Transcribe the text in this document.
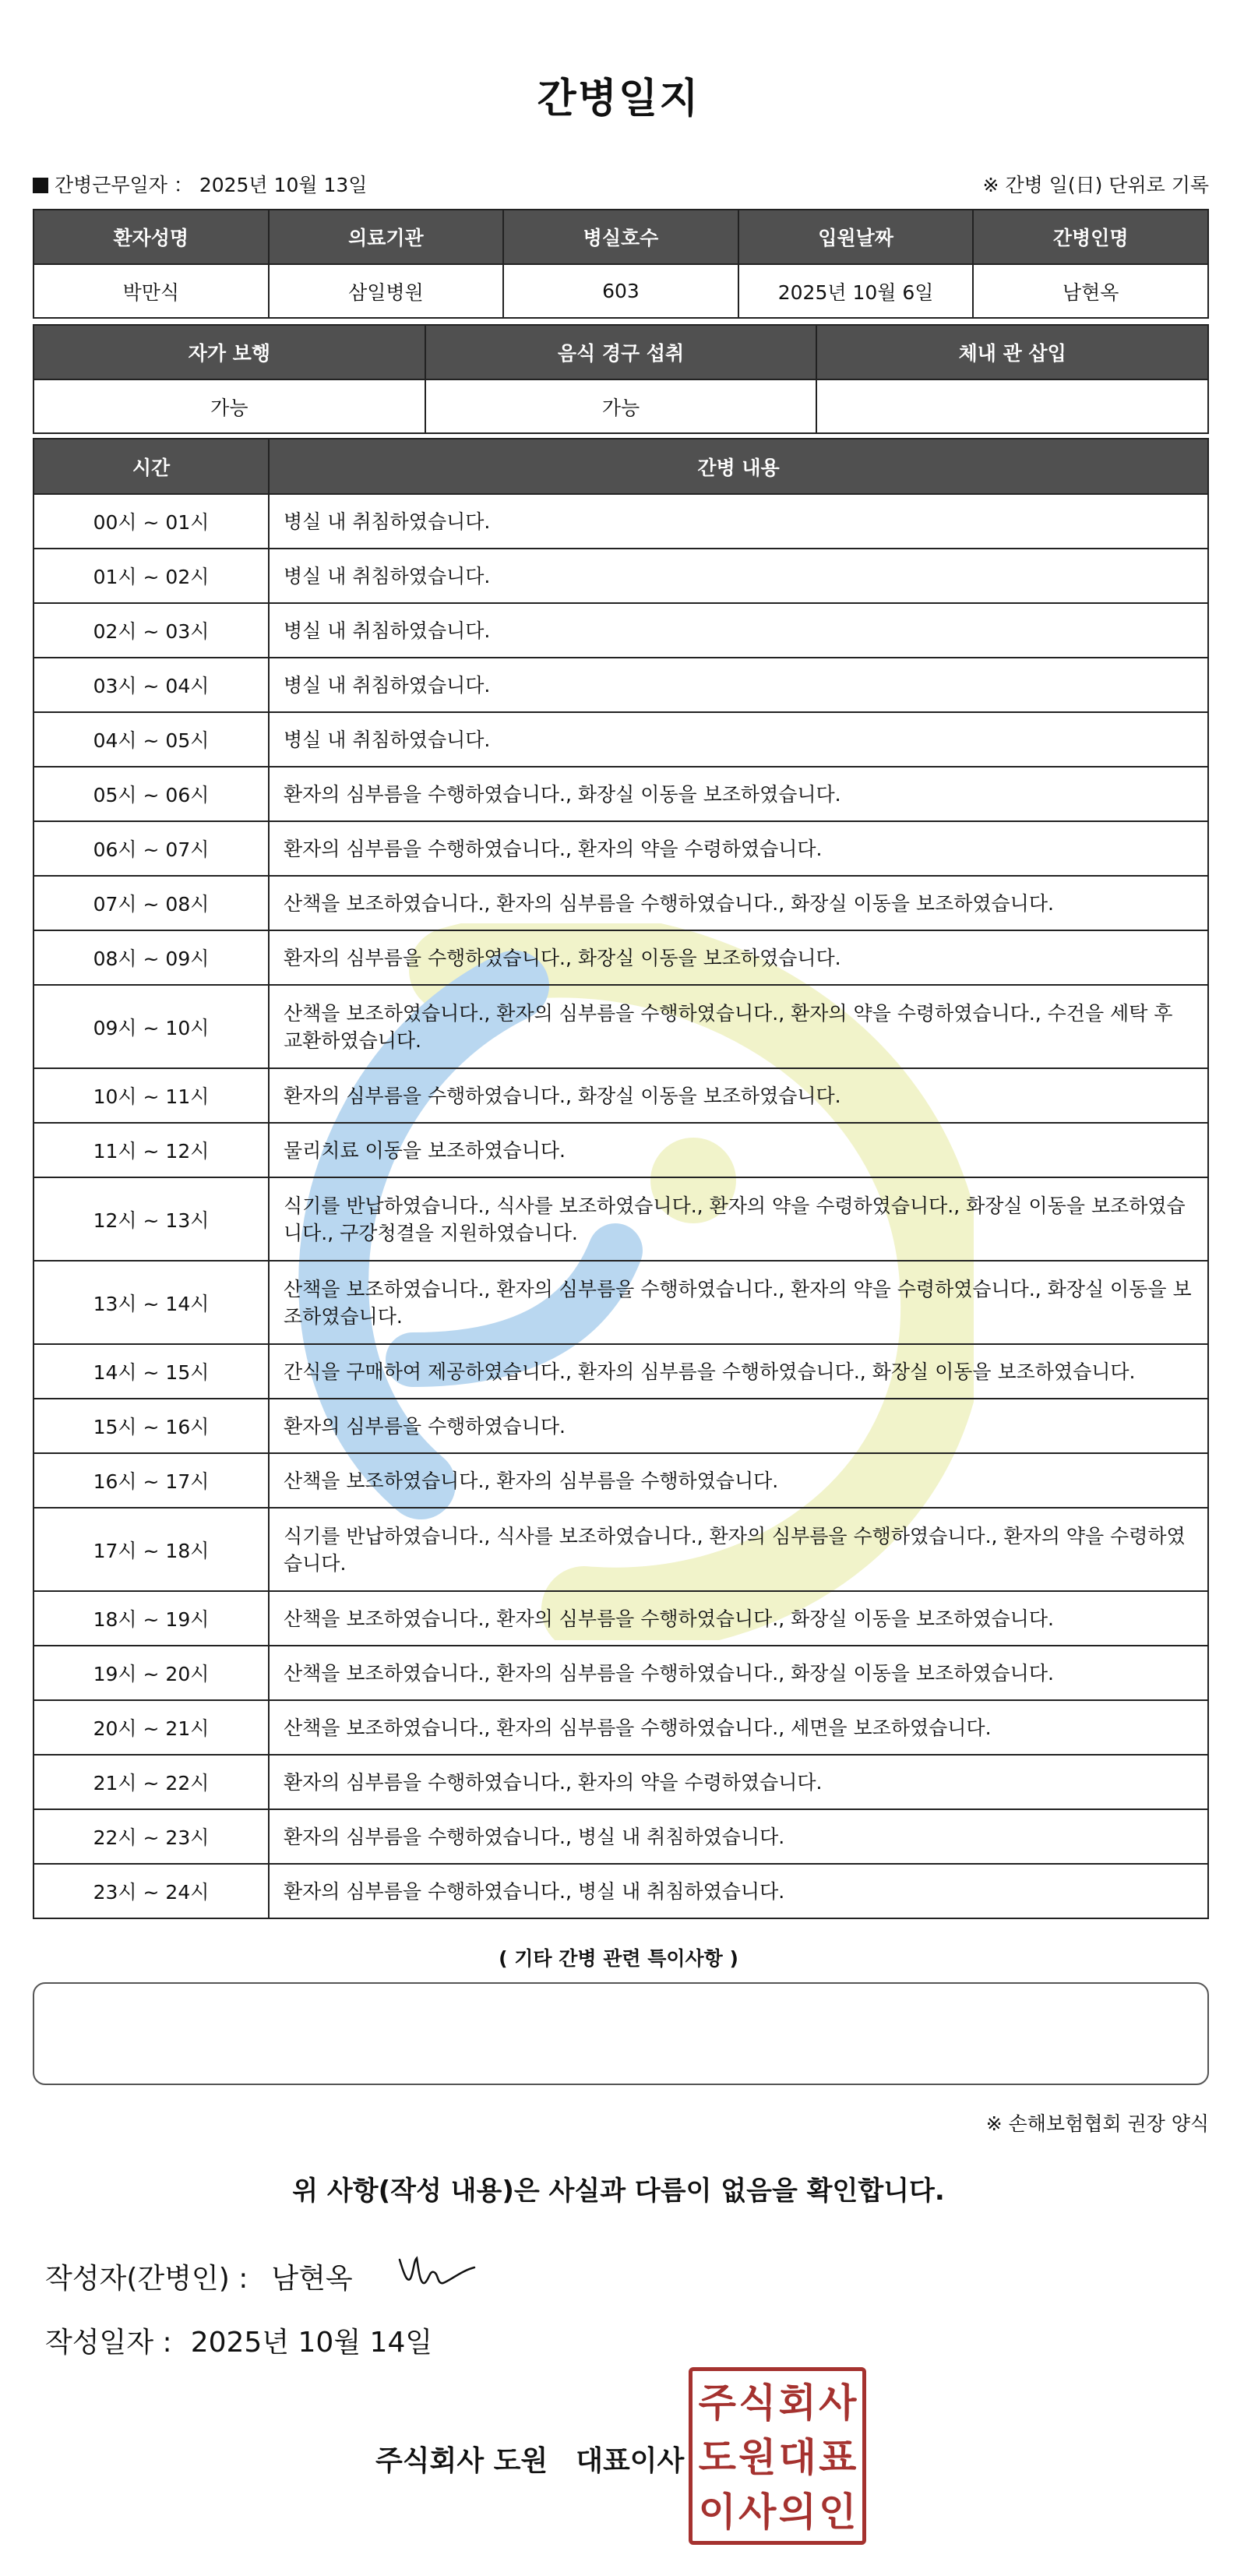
간병일지
간병근무일자 ： 2025년 10월 13일	※ 간병 일(日) 단위로 기록
환자성명	의료기관	병실호수	입원날짜	간병인명
박만식	삼일병원	603	2025년 10월 6일	남현옥
자가 보행	음식 경구 섭취	체내 관 삽입
가능	가능	
시간	간병 내용
00시 ~ 01시	병실 내 취침하였습니다.
01시 ~ 02시	병실 내 취침하였습니다.
02시 ~ 03시	병실 내 취침하였습니다.
03시 ~ 04시	병실 내 취침하였습니다.
04시 ~ 05시	병실 내 취침하였습니다.
05시 ~ 06시	환자의 심부름을 수행하였습니다., 화장실 이동을 보조하였습니다.
06시 ~ 07시	환자의 심부름을 수행하였습니다., 환자의 약을 수령하였습니다.
07시 ~ 08시	산책을 보조하였습니다., 환자의 심부름을 수행하였습니다., 화장실 이동을 보조하였습니다.
08시 ~ 09시	환자의 심부름을 수행하였습니다., 화장실 이동을 보조하였습니다.
09시 ~ 10시	산책을 보조하였습니다., 환자의 심부름을 수행하였습니다., 환자의 약을 수령하였습니다., 수건을 세탁 후 교환하였습니다.
10시 ~ 11시	환자의 심부름을 수행하였습니다., 화장실 이동을 보조하였습니다.
11시 ~ 12시	물리치료 이동을 보조하였습니다.
12시 ~ 13시	식기를 반납하였습니다., 식사를 보조하였습니다., 환자의 약을 수령하였습니다., 화장실 이동을 보조하였습니다., 구강청결을 지원하였습니다.
13시 ~ 14시	산책을 보조하였습니다., 환자의 심부름을 수행하였습니다., 환자의 약을 수령하였습니다., 화장실 이동을 보조하였습니다.
14시 ~ 15시	간식을 구매하여 제공하였습니다., 환자의 심부름을 수행하였습니다., 화장실 이동을 보조하였습니다.
15시 ~ 16시	환자의 심부름을 수행하였습니다.
16시 ~ 17시	산책을 보조하였습니다., 환자의 심부름을 수행하였습니다.
17시 ~ 18시	식기를 반납하였습니다., 식사를 보조하였습니다., 환자의 심부름을 수행하였습니다., 환자의 약을 수령하였습니다.
18시 ~ 19시	산책을 보조하였습니다., 환자의 심부름을 수행하였습니다., 화장실 이동을 보조하였습니다.
19시 ~ 20시	산책을 보조하였습니다., 환자의 심부름을 수행하였습니다., 화장실 이동을 보조하였습니다.
20시 ~ 21시	산책을 보조하였습니다., 환자의 심부름을 수행하였습니다., 세면을 보조하였습니다.
21시 ~ 22시	환자의 심부름을 수행하였습니다., 환자의 약을 수령하였습니다.
22시 ~ 23시	환자의 심부름을 수행하였습니다., 병실 내 취침하였습니다.
23시 ~ 24시	환자의 심부름을 수행하였습니다., 병실 내 취침하였습니다.
( 기타 간병 관련 특이사항 )
※ 손해보험협회 권장 양식
위 사항(작성 내용)은 사실과 다름이 없음을 확인합니다.
작성자(간병인) : 남현옥
작성일자 : 2025년 10월 14일
주식회사 도원 대표이사
주 식 회 사
도 원 대 표
이 사 의 인
